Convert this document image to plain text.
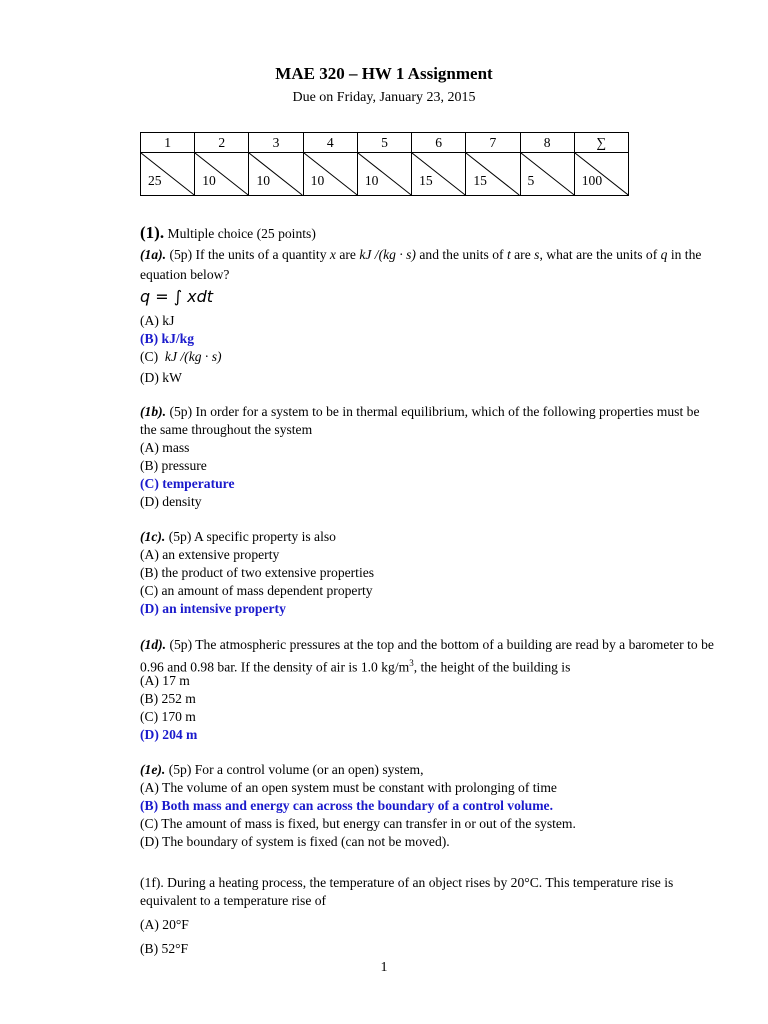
MAE 320 – HW 1 Assignment
Due on Friday, January 23, 2015
1	2	3	4	5	6	7	8	∑

25	10	10	10	10	15	15	5	100
(1). Multiple choice (25 points)
(1a). (5p) If the units of a quantity x are kJ /(kg · s) and the units of t are s, what are the units of q in the
equation below?
q = ∫ xdt
(A) kJ
(B) kJ/kg
(C) kJ /(kg · s)
(D) kW
(1b). (5p) In order for a system to be in thermal equilibrium, which of the following properties must be
the same throughout the system
(A) mass
(B) pressure
(C) temperature
(D) density
(1c). (5p) A specific property is also
(A) an extensive property
(B) the product of two extensive properties
(C) an amount of mass dependent property
(D) an intensive property
(1d). (5p) The atmospheric pressures at the top and the bottom of a building are read by a barometer to be
0.96 and 0.98 bar. If the density of air is 1.0 $kg/m^3$, the height of the building is
(A) 17 m
(B) 252 m
(C) 170 m
(D) 204 m
(1e). (5p) For a control volume (or an open) system,
(A) The volume of an open system must be constant with prolonging of time
(B) Both mass and energy can across the boundary of a control volume.
(C) The amount of mass is fixed, but energy can transfer in or out of the system.
(D) The boundary of system is fixed (can not be moved).
(1f). During a heating process, the temperature of an object rises by 20°C. This temperature rise is
equivalent to a temperature rise of
(A) 20°F
(B) 52°F
1
